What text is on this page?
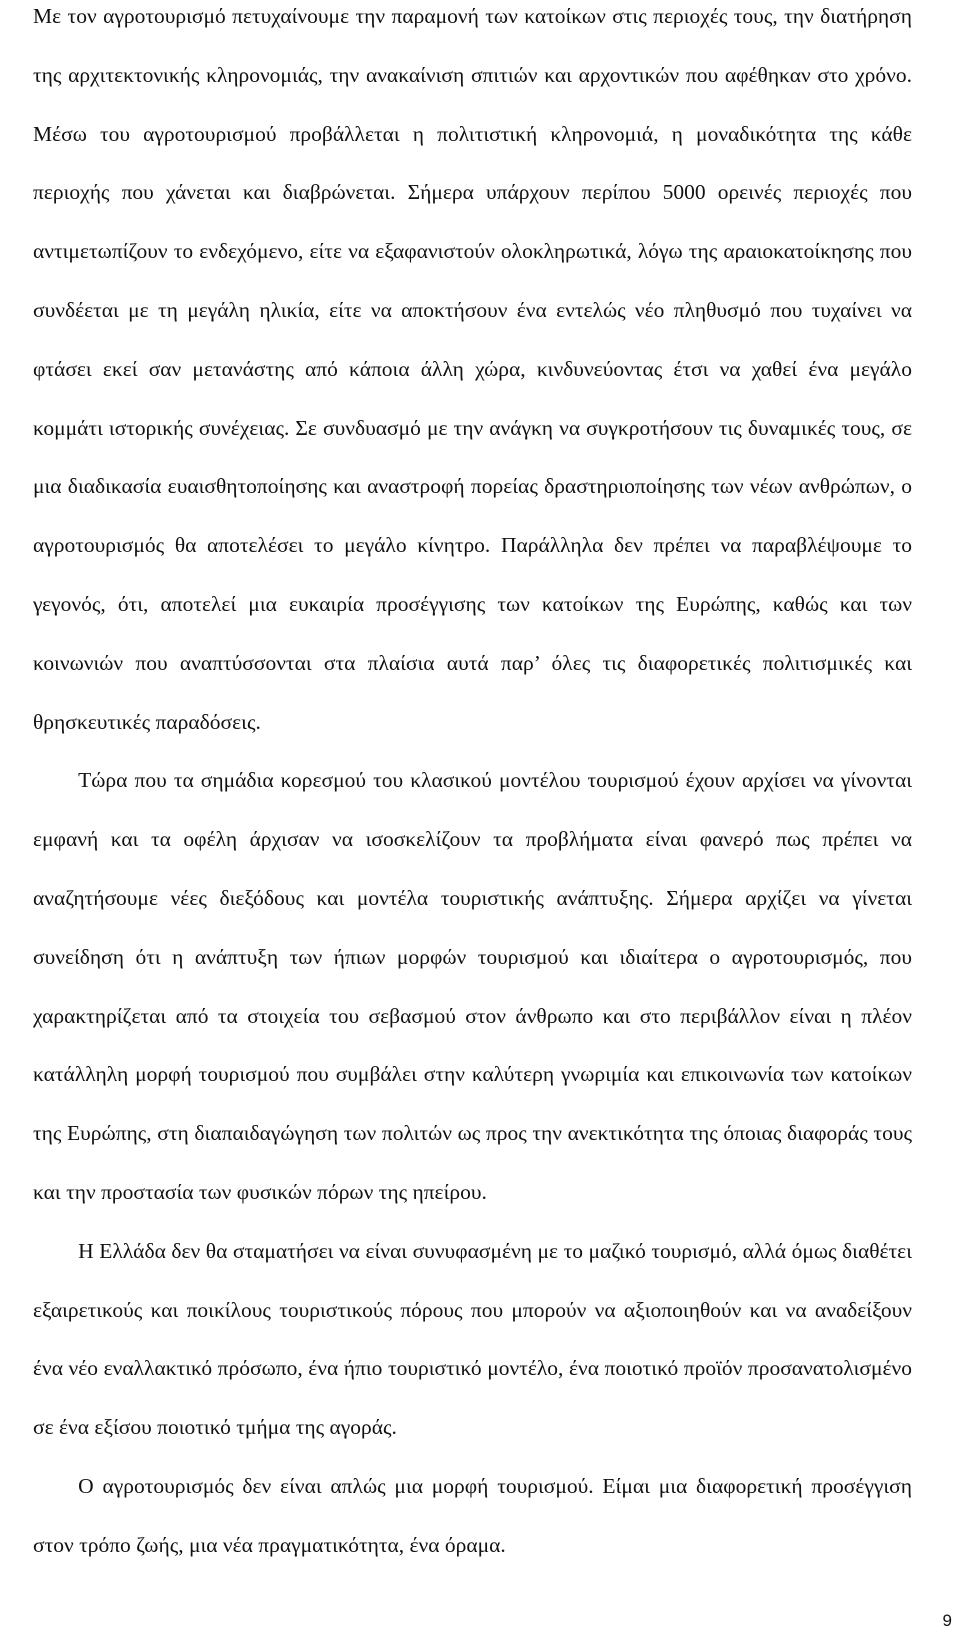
Με τον αγροτουρισμό πετυχαίνουμε την παραμονή των κατοίκων στις περιοχές τους, την διατήρηση της αρχιτεκτονικής κληρονομιάς, την ανακαίνιση σπιτιών και αρχοντικών που αφέθηκαν στο χρόνο. Μέσω του αγροτουρισμού προβάλλεται η πολιτιστική κληρονομιά, η μοναδικότητα της κάθε περιοχής που χάνεται και διαβρώνεται. Σήμερα υπάρχουν περίπου 5000 ορεινές περιοχές που αντιμετωπίζουν το ενδεχόμενο, είτε να εξαφανιστούν ολοκληρωτικά, λόγω της αραιοκατοίκησης που συνδέεται με τη μεγάλη ηλικία, είτε να αποκτήσουν ένα εντελώς νέο πληθυσμό που τυχαίνει να φτάσει εκεί σαν μετανάστης από κάποια άλλη χώρα, κινδυνεύοντας έτσι να χαθεί ένα μεγάλο κομμάτι ιστορικής συνέχειας. Σε συνδυασμό με την ανάγκη να συγκροτήσουν τις δυναμικές τους, σε μια διαδικασία ευαισθητοποίησης και αναστροφή πορείας δραστηριοποίησης των νέων ανθρώπων, ο αγροτουρισμός θα αποτελέσει το μεγάλο κίνητρο. Παράλληλα δεν πρέπει να παραβλέψουμε το γεγονός, ότι, αποτελεί μια ευκαιρία προσέγγισης των κατοίκων της Ευρώπης, καθώς και των κοινωνιών που αναπτύσσονται στα πλαίσια αυτά παρ’ όλες τις διαφορετικές πολιτισμικές και θρησκευτικές παραδόσεις.

Τώρα που τα σημάδια κορεσμού του κλασικού μοντέλου τουρισμού έχουν αρχίσει να γίνονται εμφανή και τα οφέλη άρχισαν να ισοσκελίζουν τα προβλήματα είναι φανερό πως πρέπει να αναζητήσουμε νέες διεξόδους και μοντέλα τουριστικής ανάπτυξης. Σήμερα αρχίζει να γίνεται συνείδηση ότι η ανάπτυξη των ήπιων μορφών τουρισμού και ιδιαίτερα ο αγροτουρισμός, που χαρακτηρίζεται από τα στοιχεία του σεβασμού στον άνθρωπο και στο περιβάλλον είναι η πλέον κατάλληλη μορφή τουρισμού που συμβάλει στην καλύτερη γνωριμία και επικοινωνία των κατοίκων της Ευρώπης, στη διαπαιδαγώγηση των πολιτών ως προς την ανεκτικότητα της όποιας διαφοράς τους και την προστασία των φυσικών πόρων της ηπείρου.

Η Ελλάδα δεν θα σταματήσει να είναι συνυφασμένη με το μαζικό τουρισμό, αλλά όμως διαθέτει εξαιρετικούς και ποικίλους τουριστικούς πόρους που μπορούν να αξιοποιηθούν και να αναδείξουν ένα νέο εναλλακτικό πρόσωπο, ένα ήπιο τουριστικό μοντέλο, ένα ποιοτικό προϊόν προσανατολισμένο σε ένα εξίσου ποιοτικό τμήμα της αγοράς.

Ο αγροτουρισμός δεν είναι απλώς μια μορφή τουρισμού. Είμαι μια διαφορετική προσέγγιση στον τρόπο ζωής, μια νέα πραγματικότητα, ένα όραμα.

9
